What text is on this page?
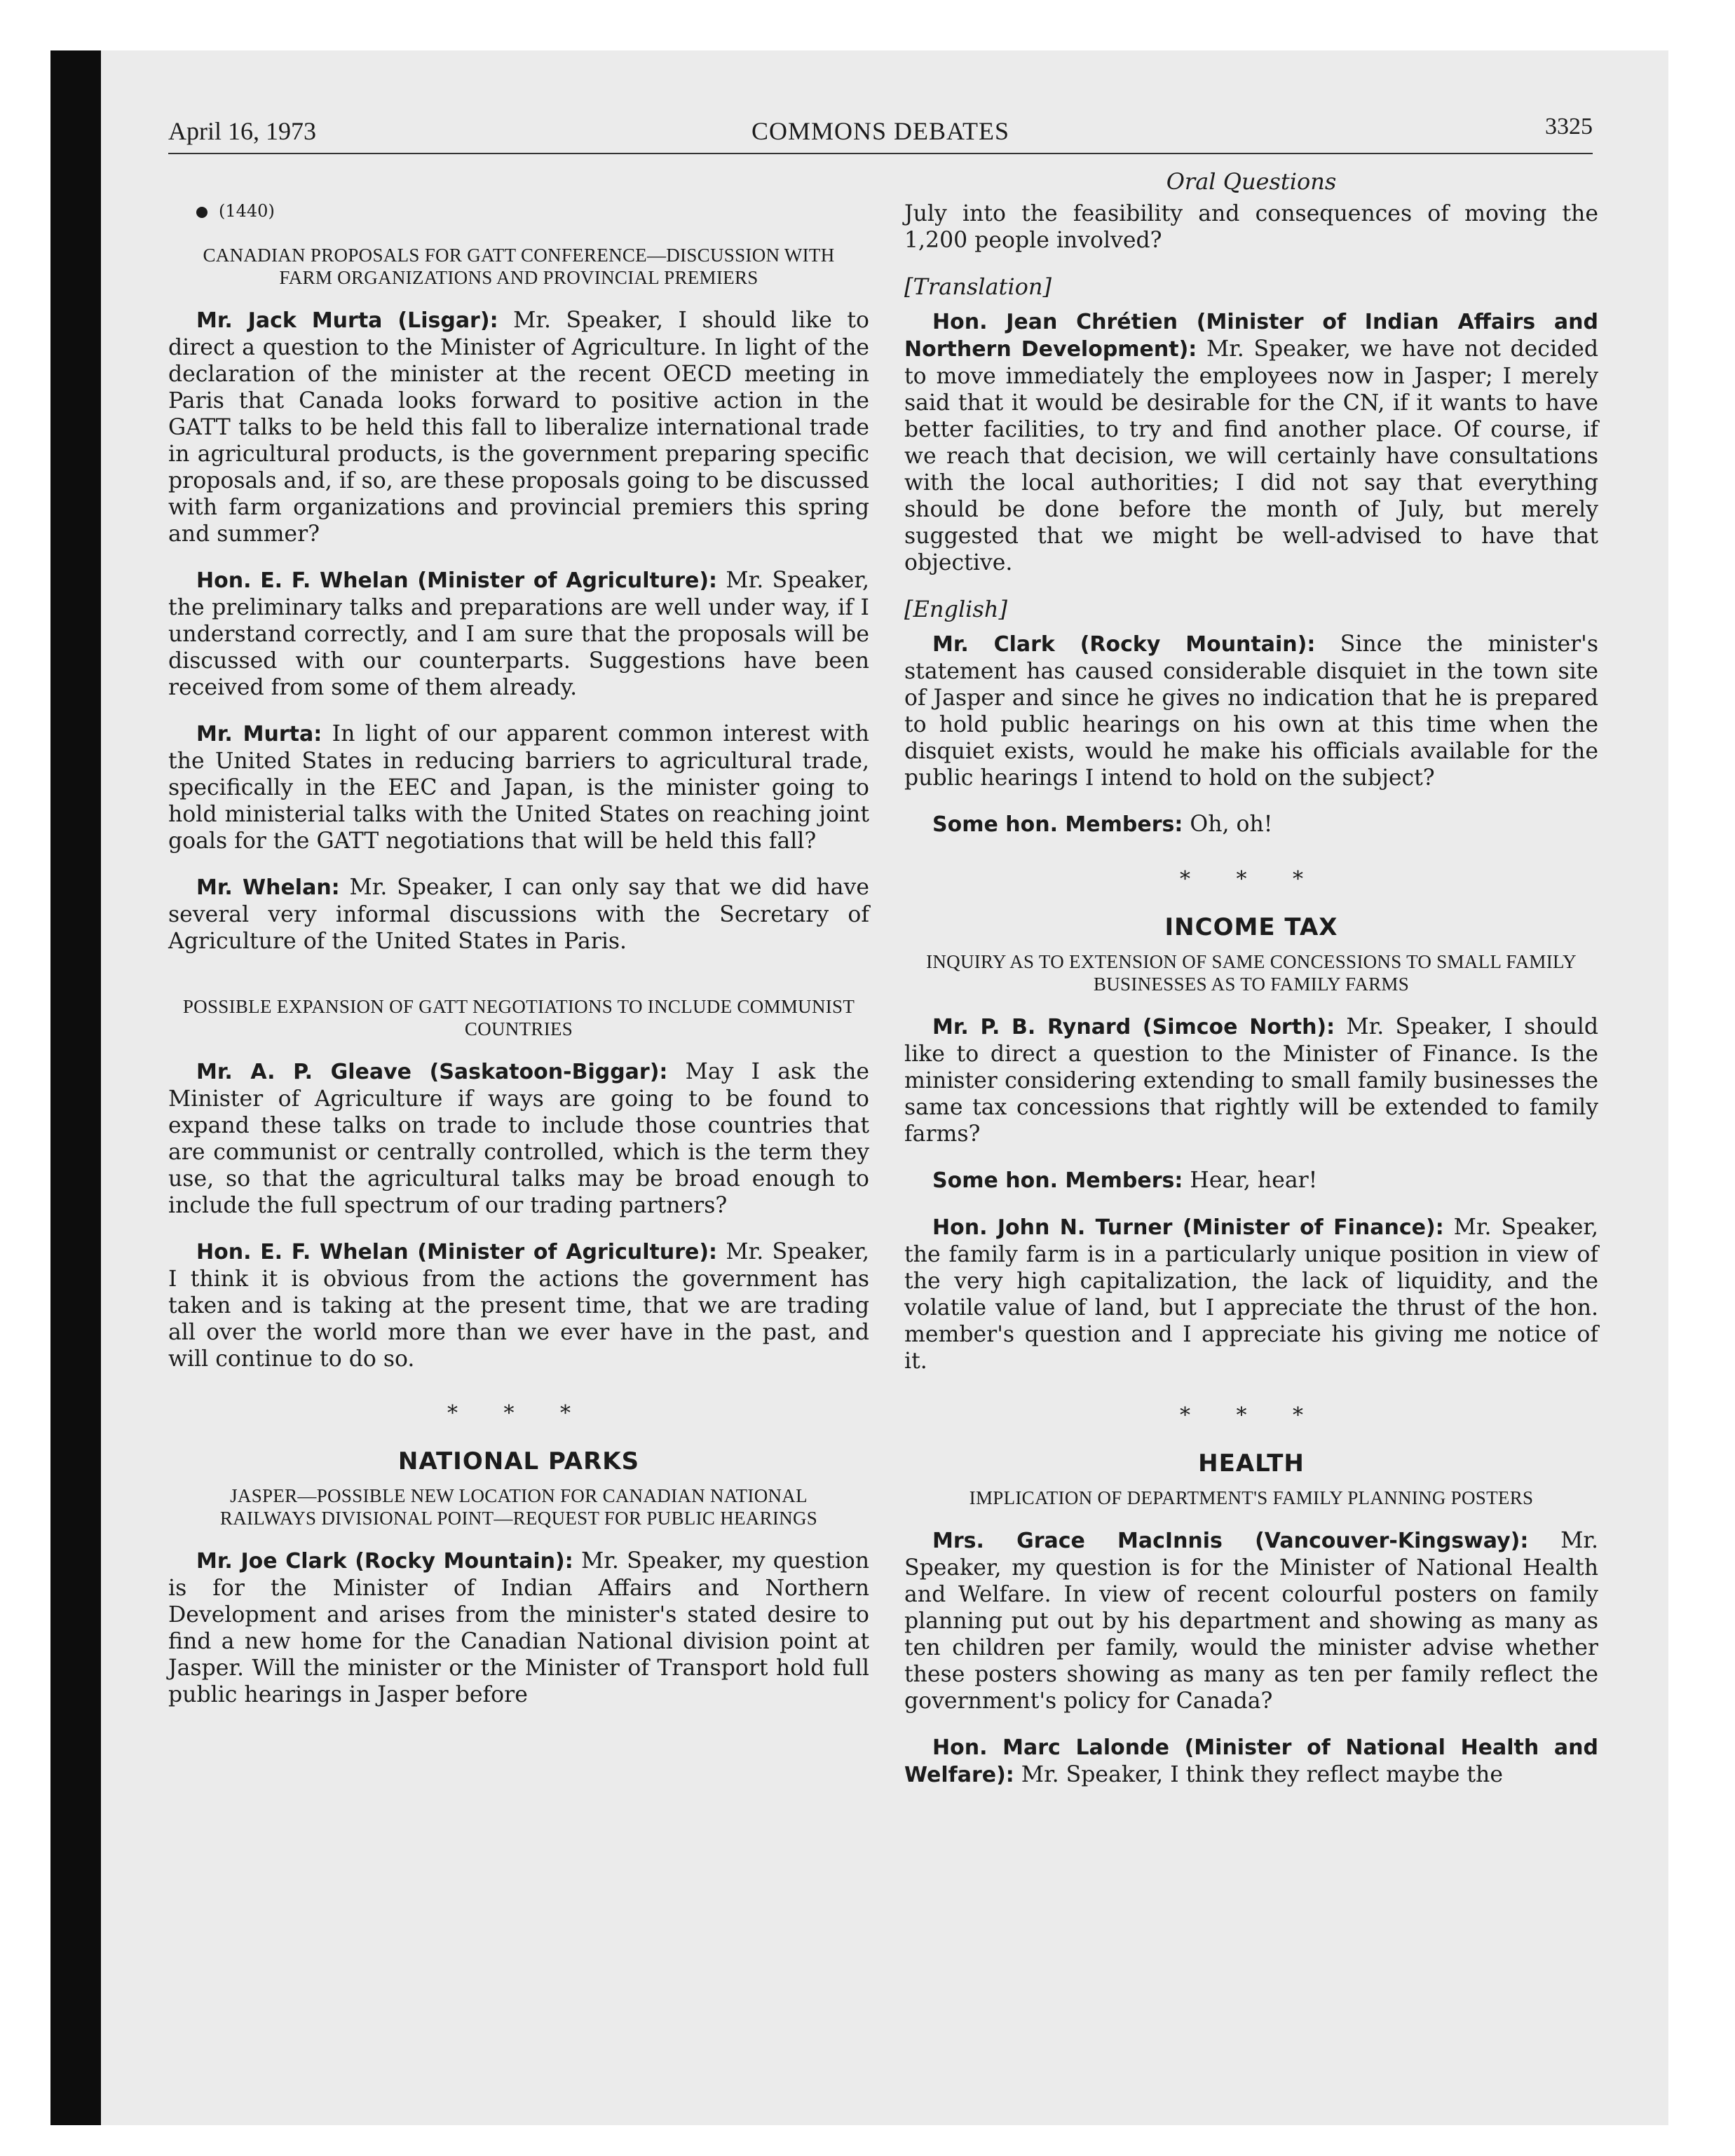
April 16, 1973	COMMONS DEBATES	3325

(1440)

CANADIAN PROPOSALS FOR GATT CONFERENCE—DISCUSSION WITH FARM ORGANIZATIONS AND PROVINCIAL PREMIERS

Mr. Jack Murta (Lisgar): Mr. Speaker, I should like to direct a question to the Minister of Agriculture. In light of the declaration of the minister at the recent OECD meeting in Paris that Canada looks forward to positive action in the GATT talks to be held this fall to liberalize international trade in agricultural products, is the government preparing specific proposals and, if so, are these proposals going to be discussed with farm organizations and provincial premiers this spring and summer?

Hon. E. F. Whelan (Minister of Agriculture): Mr. Speaker, the preliminary talks and preparations are well under way, if I understand correctly, and I am sure that the proposals will be discussed with our counterparts. Suggestions have been received from some of them already.

Mr. Murta: In light of our apparent common interest with the United States in reducing barriers to agricultural trade, specifically in the EEC and Japan, is the minister going to hold ministerial talks with the United States on reaching joint goals for the GATT negotiations that will be held this fall?

Mr. Whelan: Mr. Speaker, I can only say that we did have several very informal discussions with the Secretary of Agriculture of the United States in Paris.

POSSIBLE EXPANSION OF GATT NEGOTIATIONS TO INCLUDE COMMUNIST COUNTRIES

Mr. A. P. Gleave (Saskatoon-Biggar): May I ask the Minister of Agriculture if ways are going to be found to expand these talks on trade to include those countries that are communist or centrally controlled, which is the term they use, so that the agricultural talks may be broad enough to include the full spectrum of our trading partners?

Hon. E. F. Whelan (Minister of Agriculture): Mr. Speaker, I think it is obvious from the actions the government has taken and is taking at the present time, that we are trading all over the world more than we ever have in the past, and will continue to do so.

* * *
NATIONAL PARKS
JASPER—POSSIBLE NEW LOCATION FOR CANADIAN NATIONAL RAILWAYS DIVISIONAL POINT—REQUEST FOR PUBLIC HEARINGS

Mr. Joe Clark (Rocky Mountain): Mr. Speaker, my question is for the Minister of Indian Affairs and Northern Development and arises from the minister's stated desire to find a new home for the Canadian National division point at Jasper. Will the minister or the Minister of Transport hold full public hearings in Jasper before

Oral Questions

July into the feasibility and consequences of moving the 1,200 people involved?

[Translation]

Hon. Jean Chrétien (Minister of Indian Affairs and Northern Development): Mr. Speaker, we have not decided to move immediately the employees now in Jasper; I merely said that it would be desirable for the CN, if it wants to have better facilities, to try and find another place. Of course, if we reach that decision, we will certainly have consultations with the local authorities; I did not say that everything should be done before the month of July, but merely suggested that we might be well-advised to have that objective.

[English]

Mr. Clark (Rocky Mountain): Since the minister's statement has caused considerable disquiet in the town site of Jasper and since he gives no indication that he is prepared to hold public hearings on his own at this time when the disquiet exists, would he make his officials available for the public hearings I intend to hold on the subject?

Some hon. Members: Oh, oh!

* * *
INCOME TAX
INQUIRY AS TO EXTENSION OF SAME CONCESSIONS TO SMALL FAMILY BUSINESSES AS TO FAMILY FARMS

Mr. P. B. Rynard (Simcoe North): Mr. Speaker, I should like to direct a question to the Minister of Finance. Is the minister considering extending to small family businesses the same tax concessions that rightly will be extended to family farms?

Some hon. Members: Hear, hear!

Hon. John N. Turner (Minister of Finance): Mr. Speaker, the family farm is in a particularly unique position in view of the very high capitalization, the lack of liquidity, and the volatile value of land, but I appreciate the thrust of the hon. member's question and I appreciate his giving me notice of it.

* * *
HEALTH
IMPLICATION OF DEPARTMENT'S FAMILY PLANNING POSTERS

Mrs. Grace MacInnis (Vancouver-Kingsway): Mr. Speaker, my question is for the Minister of National Health and Welfare. In view of recent colourful posters on family planning put out by his department and showing as many as ten children per family, would the minister advise whether these posters showing as many as ten per family reflect the government's policy for Canada?

Hon. Marc Lalonde (Minister of National Health and Welfare): Mr. Speaker, I think they reflect maybe the
